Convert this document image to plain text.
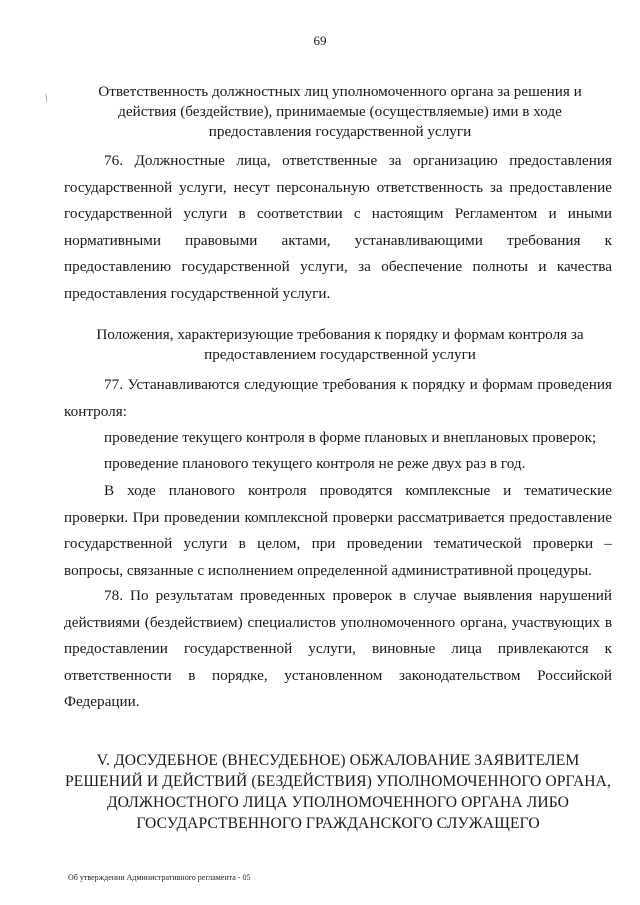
69
/	Ответственность должностных лиц уполномоченного органа за решения и действия (бездействие), принимаемые (осуществляемые) ими в ходе предоставления государственной услуги

76. Должностные лица, ответственные за организацию предоставления государственной услуги, несут персональную ответственность за предоставление государственной услуги в соответствии с настоящим Регламентом и иными нормативными правовыми актами, устанавливающими требования к предоставлению государственной услуги, за обеспечение полноты и качества предоставления государственной услуги.

Положения, характеризующие требования к порядку и формам контроля за предоставлением государственной услуги

77. Устанавливаются следующие требования к порядку и формам проведения контроля:

проведение текущего контроля в форме плановых и внеплановых проверок;

проведение планового текущего контроля не реже двух раз в год.

В ходе планового контроля проводятся комплексные и тематические проверки. При проведении комплексной проверки рассматривается предоставление государственной услуги в целом, при проведении тематической проверки – вопросы, связанные с исполнением определенной административной процедуры.

78. По результатам проведенных проверок в случае выявления нарушений действиями (бездействием) специалистов уполномоченного органа, участвующих в предоставлении государственной услуги, виновные лица привлекаются к ответственности в порядке, установленном законодательством Российской Федерации.

V. ДОСУДЕБНОЕ (ВНЕСУДЕБНОЕ) ОБЖАЛОВАНИЕ ЗАЯВИТЕЛЕМ РЕШЕНИЙ И ДЕЙСТВИЙ (БЕЗДЕЙСТВИЯ) УПОЛНОМОЧЕННОГО ОРГАНА, ДОЛЖНОСТНОГО ЛИЦА УПОЛНОМОЧЕННОГО ОРГАНА ЛИБО ГОСУДАРСТВЕННОГО ГРАЖДАНСКОГО СЛУЖАЩЕГО

Об утверждении Административного регламента - 05
